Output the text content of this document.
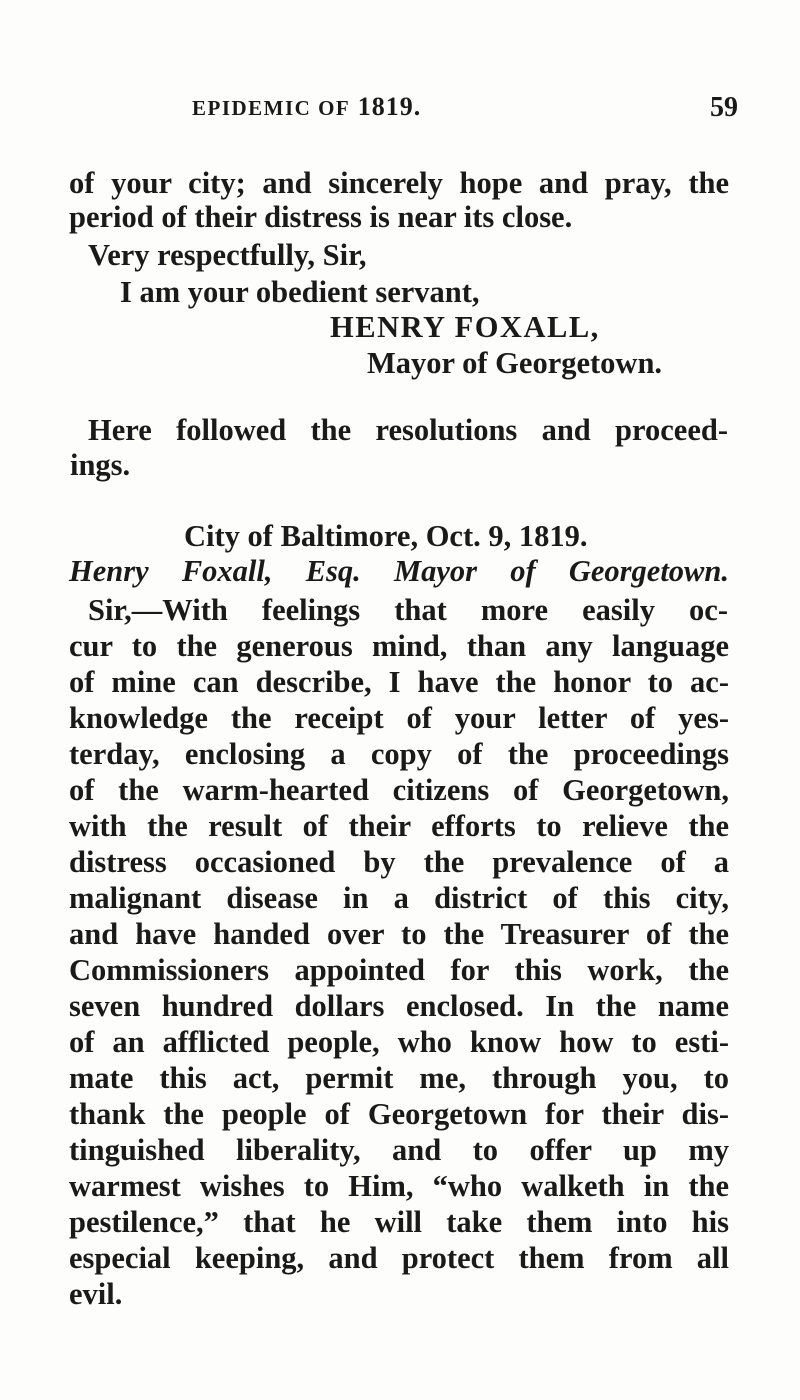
EPIDEMIC OF 1819.	59
of your city; and sincerely hope and pray, the
period of their distress is near its close.
Very respectfully, Sir,
I am your obedient servant,
HENRY FOXALL,
Mayor of Georgetown.
Here followed the resolutions and proceed-
ings.
City of Baltimore, Oct. 9, 1819.
Henry Foxall, Esq. Mayor of Georgetown.
Sir,—With feelings that more easily oc-
cur to the generous mind, than any language
of mine can describe, I have the honor to ac-
knowledge the receipt of your letter of yes-
terday, enclosing a copy of the proceedings
of the warm-hearted citizens of Georgetown,
with the result of their efforts to relieve the
distress occasioned by the prevalence of a
malignant disease in a district of this city,
and have handed over to the Treasurer of the
Commissioners appointed for this work, the
seven hundred dollars enclosed. In the name
of an afflicted people, who know how to esti-
mate this act, permit me, through you, to
thank the people of Georgetown for their dis-
tinguished liberality, and to offer up my
warmest wishes to Him, “who walketh in the
pestilence,” that he will take them into his
especial keeping, and protect them from all
evil.
